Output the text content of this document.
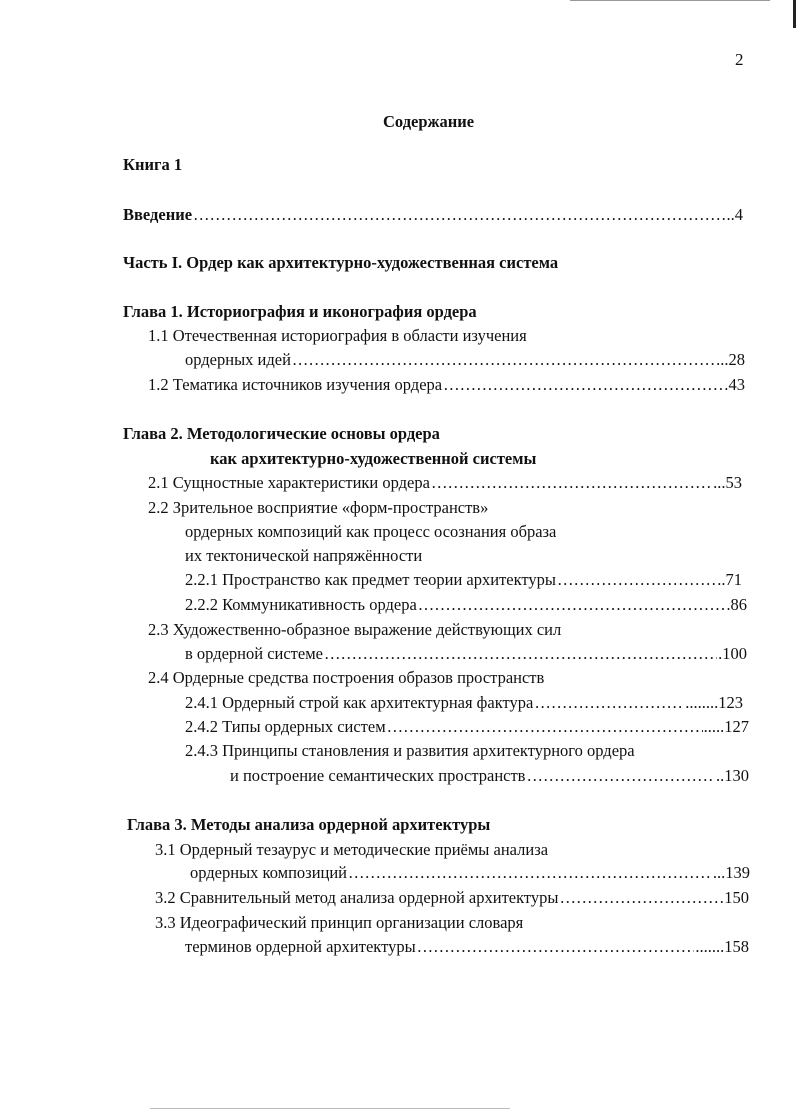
2
Содержание
Книга 1
Введение ………………………………………………………………………………………………………………………………………………………………	..4
Часть I. Ордер как архитектурно-художественная система
Глава 1. Историография и иконография ордера
1.1 Отечественная историография в области изучения
ордерных идей ………………………………………………………………………………………………………………………………………………………………	...28
1.2 Тематика источников изучения ордера ………………………………………………………………………………………………………………………………………………………………	43
Глава 2. Методологические основы ордера
как архитектурно-художественной системы
2.1 Сущностные характеристики ордера ………………………………………………………………………………………………………………………………………………………………	...53
2.2 Зрительное восприятие «форм-пространств»
ордерных композиций как процесс осознания образа
их тектонической напряжённости
2.2.1 Пространство как предмет теории архитектуры ………………………………………………………………………………………………………………………………………………………………	..71
2.2.2 Коммуникативность ордера ………………………………………………………………………………………………………………………………………………………………	86
2.3 Художественно-образное выражение действующих сил
в ордерной системе ………………………………………………………………………………………………………………………………………………………………	.100
2.4 Ордерные средства построения образов пространств
2.4.1 Ордерный строй как архитектурная фактура ………………………………………………………………………………………………………………………………………………………………	........123
2.4.2 Типы ордерных систем ………………………………………………………………………………………………………………………………………………………………	.....127
2.4.3 Принципы становления и развития архитектурного ордера
и построение семантических пространств ………………………………………………………………………………………………………………………………………………………………	..130
Глава 3. Методы анализа ордерной архитектуры
3.1 Ордерный тезаурус и методические приёмы анализа
ордерных композиций ………………………………………………………………………………………………………………………………………………………………	...139
3.2 Сравнительный метод анализа ордерной архитектуры ………………………………………………………………………………………………………………………………………………………………	150
3.3 Идеографический принцип организации словаря
терминов ордерной архитектуры ………………………………………………………………………………………………………………………………………………………………	.......158
